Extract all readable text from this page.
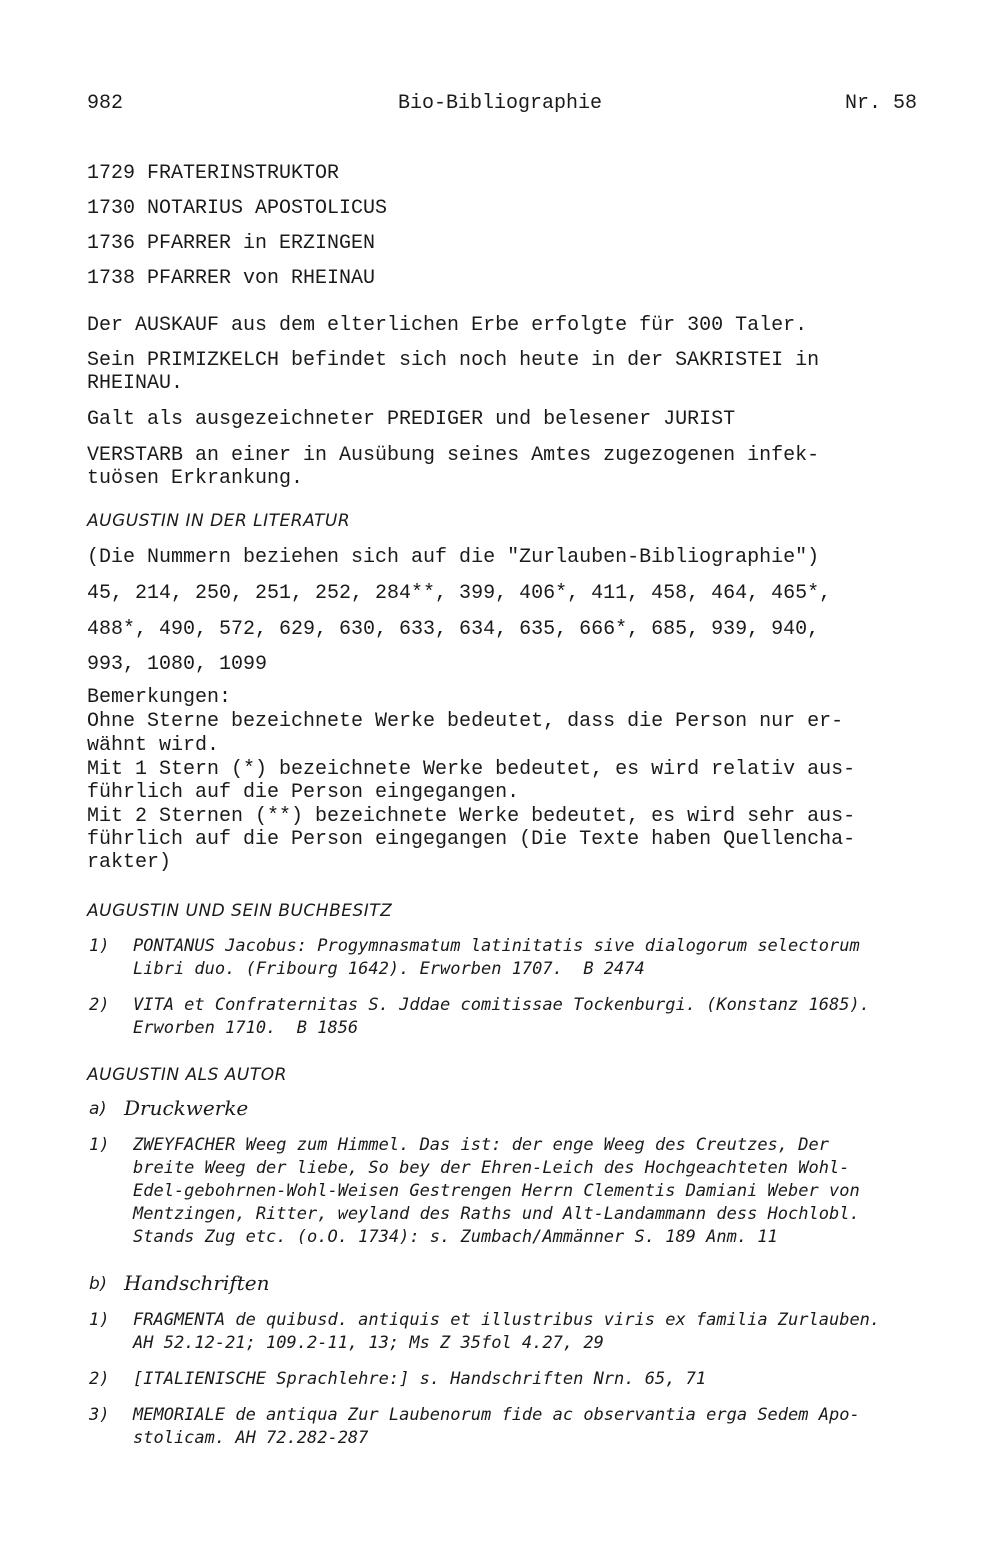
982	Bio-Bibliographie	Nr. 58
1729 FRATERINSTRUKTOR
1730 NOTARIUS APOSTOLICUS
1736 PFARRER in ERZINGEN
1738 PFARRER von RHEINAU
Der AUSKAUF aus dem elterlichen Erbe erfolgte für 300 Taler.
Sein PRIMIZKELCH befindet sich noch heute in der SAKRISTEI in
RHEINAU.
Galt als ausgezeichneter PREDIGER und belesener JURIST
VERSTARB an einer in Ausübung seines Amtes zugezogenen infek-
tuösen Erkrankung.
AUGUSTIN IN DER LITERATUR
(Die Nummern beziehen sich auf die "Zurlauben-Bibliographie")
45, 214, 250, 251, 252, 284**, 399, 406*, 411, 458, 464, 465*,
488*, 490, 572, 629, 630, 633, 634, 635, 666*, 685, 939, 940,
993, 1080, 1099
Bemerkungen:
Ohne Sterne bezeichnete Werke bedeutet, dass die Person nur er-
wähnt wird.
Mit 1 Stern (*) bezeichnete Werke bedeutet, es wird relativ aus-
führlich auf die Person eingegangen.
Mit 2 Sternen (**) bezeichnete Werke bedeutet, es wird sehr aus-
führlich auf die Person eingegangen (Die Texte haben Quellencha-
rakter)
AUGUSTIN UND SEIN BUCHBESITZ
1) PONTANUS Jacobus: Progymnasmatum latinitatis sive dialogorum selectorum
Libri duo. (Fribourg 1642). Erworben 1707.  B 2474
2) VITA et Confraternitas S. Jddae comitissae Tockenburgi. (Konstanz 1685).
Erworben 1710.  B 1856
AUGUSTIN ALS AUTOR
a) Druckwerke
1) ZWEYFACHER Weeg zum Himmel. Das ist: der enge Weeg des Creutzes, Der
breite Weeg der liebe, So bey der Ehren-Leich des Hochgeachteten Wohl-
Edel-gebohrnen-Wohl-Weisen Gestrengen Herrn Clementis Damiani Weber von
Mentzingen, Ritter, weyland des Raths und Alt-Landammann dess Hochlobl.
Stands Zug etc. (o.O. 1734): s. Zumbach/Ammänner S. 189 Anm. 11
b) Handschriften
1) FRAGMENTA de quibusd. antiquis et illustribus viris ex familia Zurlauben.
AH 52.12-21; 109.2-11, 13; Ms Z 35fol 4.27, 29
2) [ITALIENISCHE Sprachlehre:] s. Handschriften Nrn. 65, 71
3) MEMORIALE de antiqua Zur Laubenorum fide ac observantia erga Sedem Apo-
stolicam. AH 72.282-287
